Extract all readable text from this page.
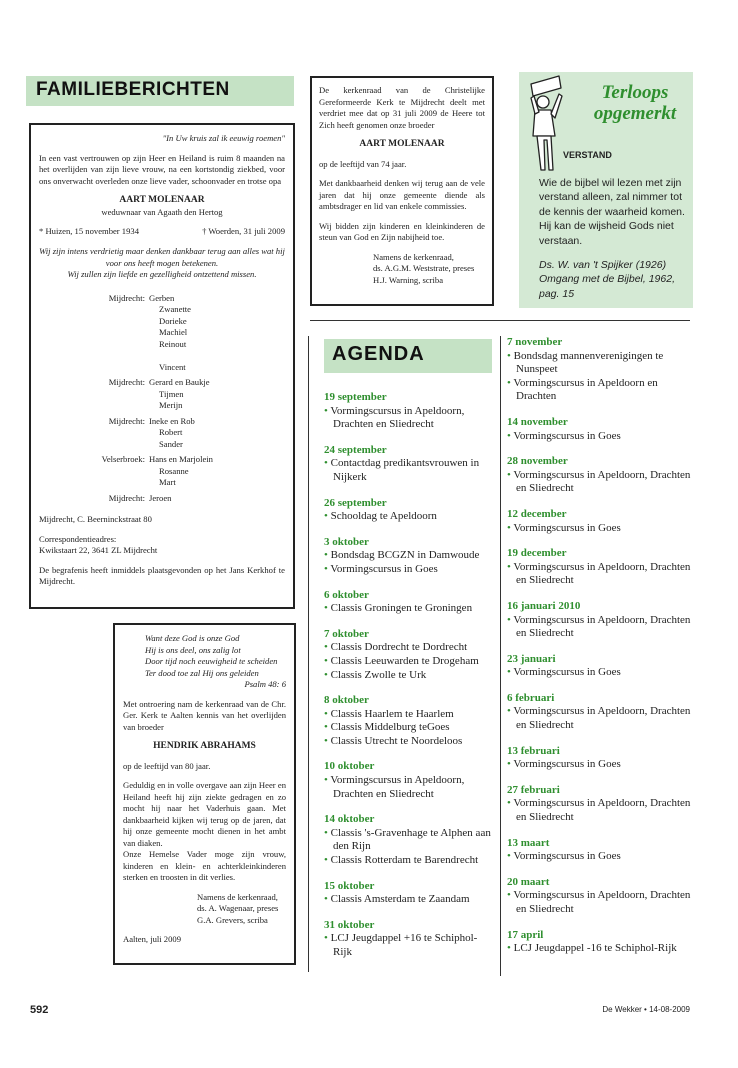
FAMILIEBERICHTEN

"In Uw kruis zal ik eeuwig roemen"

In een vast vertrouwen op zijn Heer en Heiland is ruim 8 maanden na het overlijden van zijn lieve vrouw, na een kortstondig ziekbed, voor ons onverwacht overleden onze lieve vader, schoonvader en trotse opa

AART MOLENAAR

weduwnaar van Agaath den Hertog

* Huizen, 15 november 1934	† Woerden, 31 juli 2009

Wij zijn intens verdrietig maar denken dankbaar terug aan alles wat hij voor ons heeft mogen betekenen.

Wij zullen zijn liefde en gezelligheid ontzettend missen.

Mijdrecht: Gerben
Zwanette
Dorieke
Machiel
Reinout
Vincent
Mijdrecht: Gerard en Baukje
Tijmen
Merijn
Mijdrecht: Ineke en Rob
Robert
Sander
Velserbroek: Hans en Marjolein
Rosanne
Mart
Mijdrecht: Jeroen

Mijdrecht, C. Beerninckstraat 80

Correspondentieadres:

Kwikstaart 22, 3641 ZL Mijdrecht

De begrafenis heeft inmiddels plaatsgevonden op het Jans Kerkhof te Mijdrecht.

De kerkenraad van de Christelijke Gereformeerde Kerk te Mijdrecht deelt met verdriet mee dat op 31 juli 2009 de Heere tot Zich heeft genomen onze broeder

AART MOLENAAR

op de leeftijd van 74 jaar.

Met dankbaarheid denken wij terug aan de vele jaren dat hij onze gemeente diende als ambtsdrager en lid van enkele commissies.

Wij bidden zijn kinderen en kleinkinderen de steun van God en Zijn nabijheid toe.

Namens de kerkenraad,

ds. A.G.M. Weststrate, preses

H.J. Warning, scriba

Terloops
opgemerkt
VERSTAND
Wie de bijbel wil lezen met zijn verstand alleen, zal nimmer tot de kennis der waarheid komen. Hij kan de wijsheid Gods niet verstaan.
Ds. W. van 't Spijker (1926) Omgang met de Bijbel, 1962, pag. 15

Want deze God is onze God

Hij is ons deel, ons zalig lot

Door tijd noch eeuwigheid te scheiden

Ter dood toe zal Hij ons geleiden

Psalm 48: 6

Met ontroering nam de kerkenraad van de Chr. Ger. Kerk te Aalten kennis van het overlijden van broeder

HENDRIK ABRAHAMS

op de leeftijd van 80 jaar.

Geduldig en in volle overgave aan zijn Heer en Heiland heeft hij zijn ziekte gedragen en zo mocht hij naar het Vaderhuis gaan. Met dankbaarheid kijken wij terug op de jaren, dat hij onze gemeente mocht dienen in het ambt van diaken.

Onze Hemelse Vader moge zijn vrouw, kinderen en klein- en achterkleinkinderen sterken en troosten in dit verlies.

Namens de kerkenraad,

ds. A. Wagenaar, preses

G.A. Grevers, scriba

Aalten, juli 2009

AGENDA
19 september
• Vormingscursus in Apeldoorn, Drachten en Sliedrecht
24 september
• Contactdag predikantsvrouwen in Nijkerk
26 september
• Schooldag te Apeldoorn
3 oktober
• Bondsdag BCGZN in Damwoude
• Vormingscursus in Goes
6 oktober
• Classis Groningen te Groningen
7 oktober
• Classis Dordrecht te Dordrecht
• Classis Leeuwarden te Drogeham
• Classis Zwolle te Urk
8 oktober
• Classis Haarlem te Haarlem
• Classis Middelburg teGoes
• Classis Utrecht te Noordeloos
10 oktober
• Vormingscursus in Apeldoorn, Drachten en Sliedrecht
14 oktober
• Classis 's-Gravenhage te Alphen aan den Rijn
• Classis Rotterdam te Barendrecht
15 oktober
• Classis Amsterdam te Zaandam
31 oktober
• LCJ Jeugdappel +16 te Schiphol-Rijk
7 november
• Bondsdag mannenverenigingen te Nunspeet
• Vormingscursus in Apeldoorn en Drachten
14 november
• Vormingscursus in Goes
28 november
• Vormingscursus in Apeldoorn, Drachten en Sliedrecht
12 december
• Vormingscursus in Goes
19 december
• Vormingscursus in Apeldoorn, Drachten en Sliedrecht
16 januari 2010
• Vormingscursus in Apeldoorn, Drachten en Sliedrecht
23 januari
• Vormingscursus in Goes
6 februari
• Vormingscursus in Apeldoorn, Drachten en Sliedrecht
13 februari
• Vormingscursus in Goes
27 februari
• Vormingscursus in Apeldoorn, Drachten en Sliedrecht
13 maart
• Vormingscursus in Goes
20 maart
• Vormingscursus in Apeldoorn, Drachten en Sliedrecht
17 april
• LCJ Jeugdappel -16 te Schiphol-Rijk
592	De Wekker • 14-08-2009
